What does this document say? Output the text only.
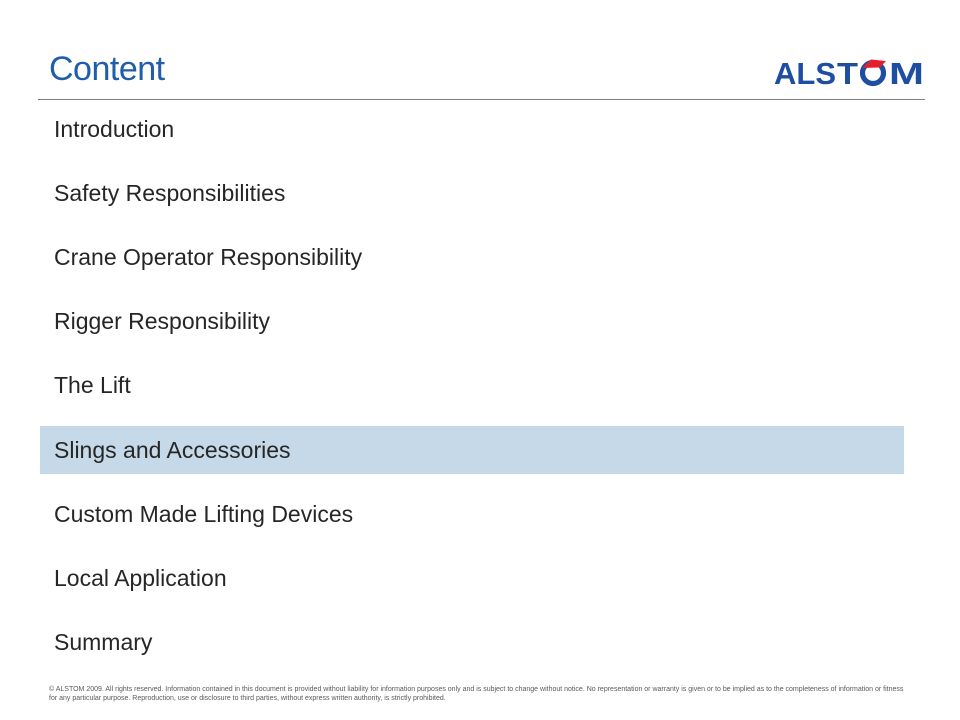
Content	ALS T M
Introduction
Safety Responsibilities
Crane Operator Responsibility
Rigger Responsibility
The Lift
Slings and Accessories
Custom Made Lifting Devices
Local Application
Summary
© ALSTOM 2009. All rights reserved. Information contained in this document is provided without liability for information purposes only and is subject to change without notice. No representation or warranty is given or to be implied as to the completeness of information or fitness for any particular purpose. Reproduction, use or disclosure to third parties, without express written authority, is strictly prohibited.
